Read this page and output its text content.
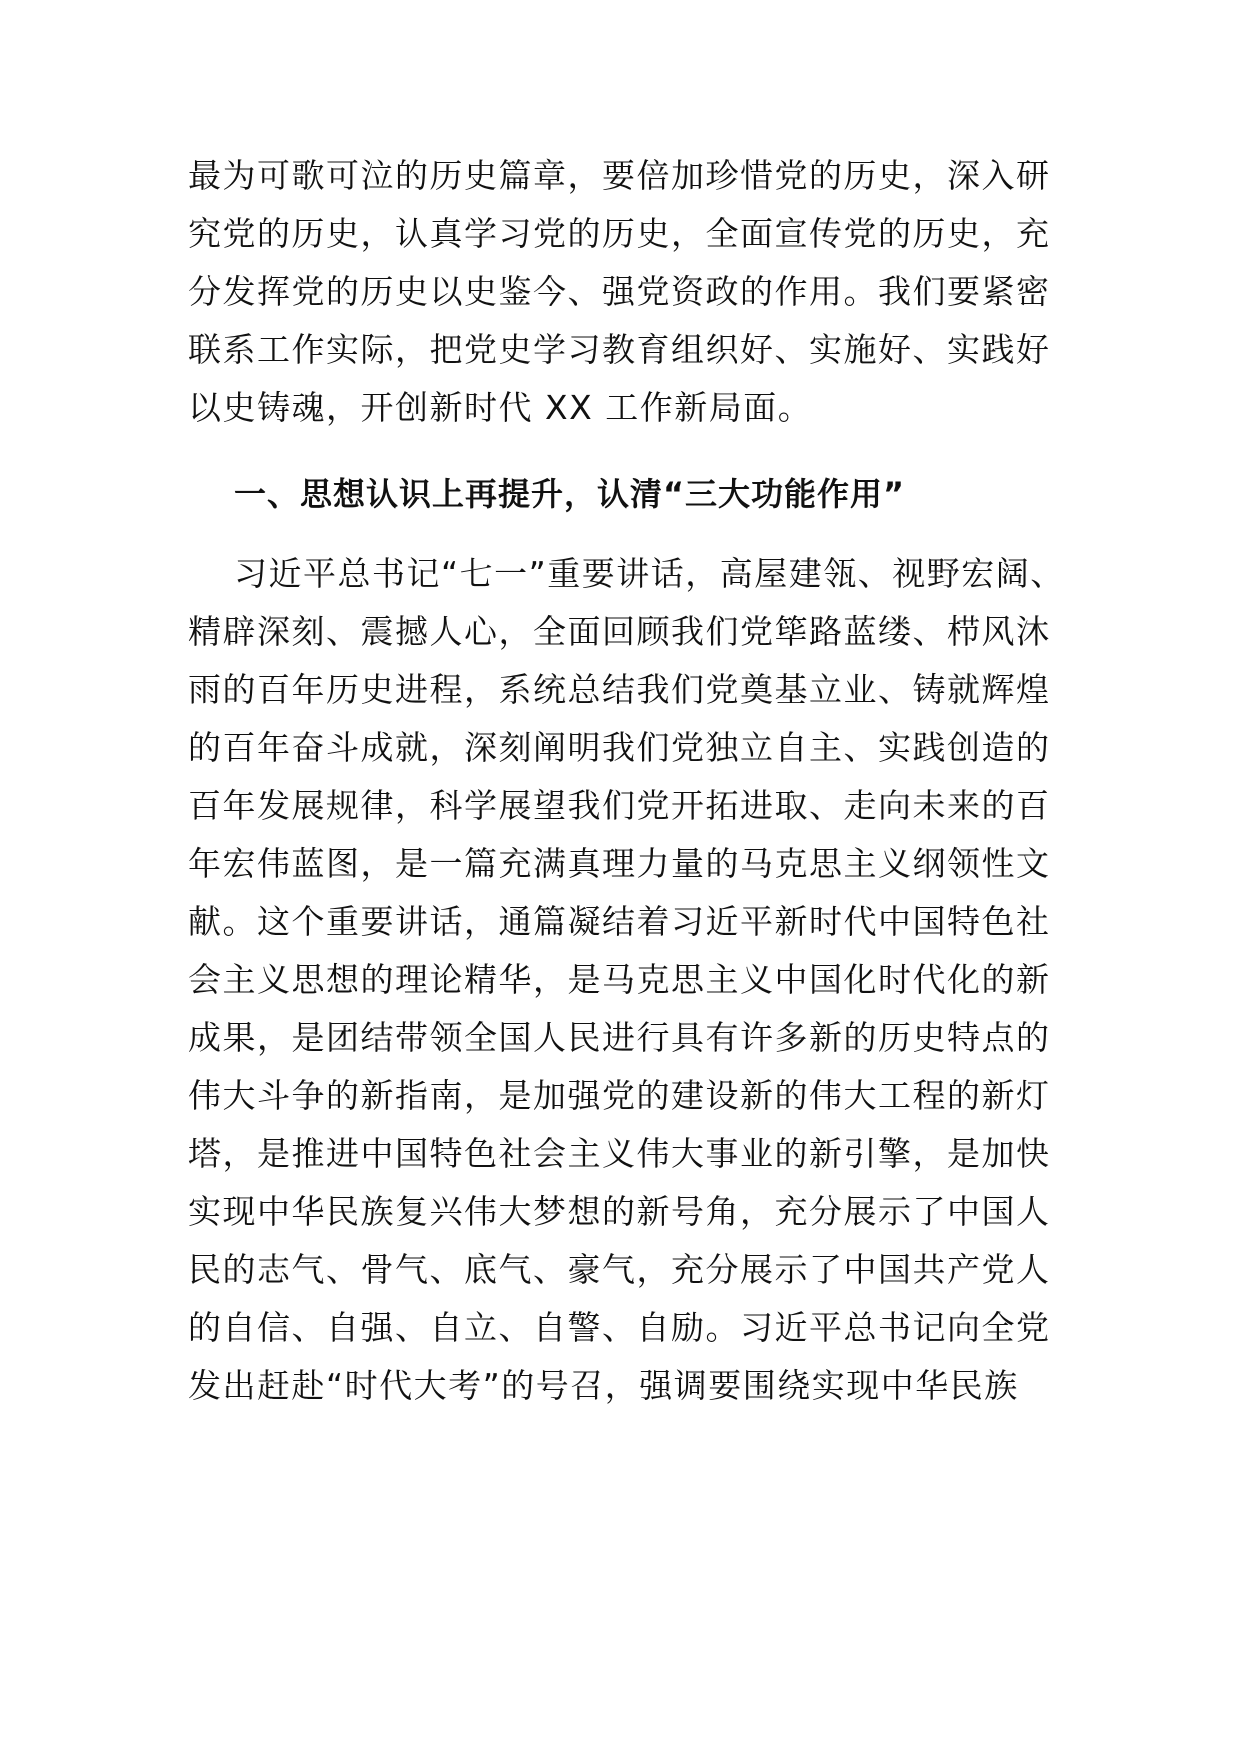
最为可歌可泣的历史篇章，要倍加珍惜党的历史，深入研
究党的历史，认真学习党的历史，全面宣传党的历史，充
分发挥党的历史以史鉴今、强党资政的作用。我们要紧密
联系工作实际，把党史学习教育组织好、实施好、实践好
以史铸魂，开创新时代 XX 工作新局面。
一、思想认识上再提升，认清“三大功能作用”
习近平总书记“七一”重要讲话，高屋建瓴、视野宏阔、
精辟深刻、震撼人心，全面回顾我们党筚路蓝缕、栉风沐
雨的百年历史进程，系统总结我们党奠基立业、铸就辉煌
的百年奋斗成就，深刻阐明我们党独立自主、实践创造的
百年发展规律，科学展望我们党开拓进取、走向未来的百
年宏伟蓝图，是一篇充满真理力量的马克思主义纲领性文
献。这个重要讲话，通篇凝结着习近平新时代中国特色社
会主义思想的理论精华，是马克思主义中国化时代化的新
成果，是团结带领全国人民进行具有许多新的历史特点的
伟大斗争的新指南，是加强党的建设新的伟大工程的新灯
塔，是推进中国特色社会主义伟大事业的新引擎，是加快
实现中华民族复兴伟大梦想的新号角，充分展示了中国人
民的志气、骨气、底气、豪气，充分展示了中国共产党人
的自信、自强、自立、自警、自励。习近平总书记向全党
发出赶赴“时代大考”的号召，强调要围绕实现中华民族
